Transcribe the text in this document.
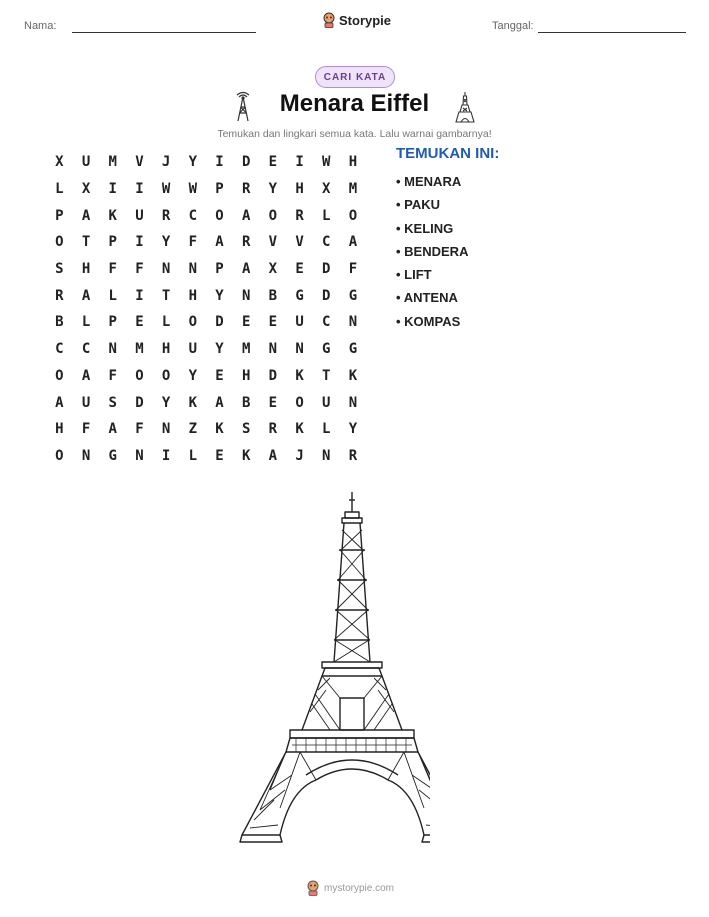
Nama:	Storypie	Tanggal:
CARI KATA
Menara Eiffel
Temukan dan lingkari semua kata. Lalu warnai gambarnya!
X	U	M	V	J	Y	I	D	E	I	W	H
L	X	I	I	W	W	P	R	Y	H	X	M
P	A	K	U	R	C	O	A	O	R	L	O
O	T	P	I	Y	F	A	R	V	V	C	A
S	H	F	F	N	N	P	A	X	E	D	F
R	A	L	I	T	H	Y	N	B	G	D	G
B	L	P	E	L	O	D	E	E	U	C	N
C	C	N	M	H	U	Y	M	N	N	G	G
O	A	F	O	O	Y	E	H	D	K	T	K
A	U	S	D	Y	K	A	B	E	O	U	N
H	F	A	F	N	Z	K	S	R	K	L	Y
O	N	G	N	I	L	E	K	A	J	N	R
TEMUKAN INI:
• MENARA
• PAKU
• KELING
• BENDERA
• LIFT
• ANTENA
• KOMPAS
mystorypie.com
